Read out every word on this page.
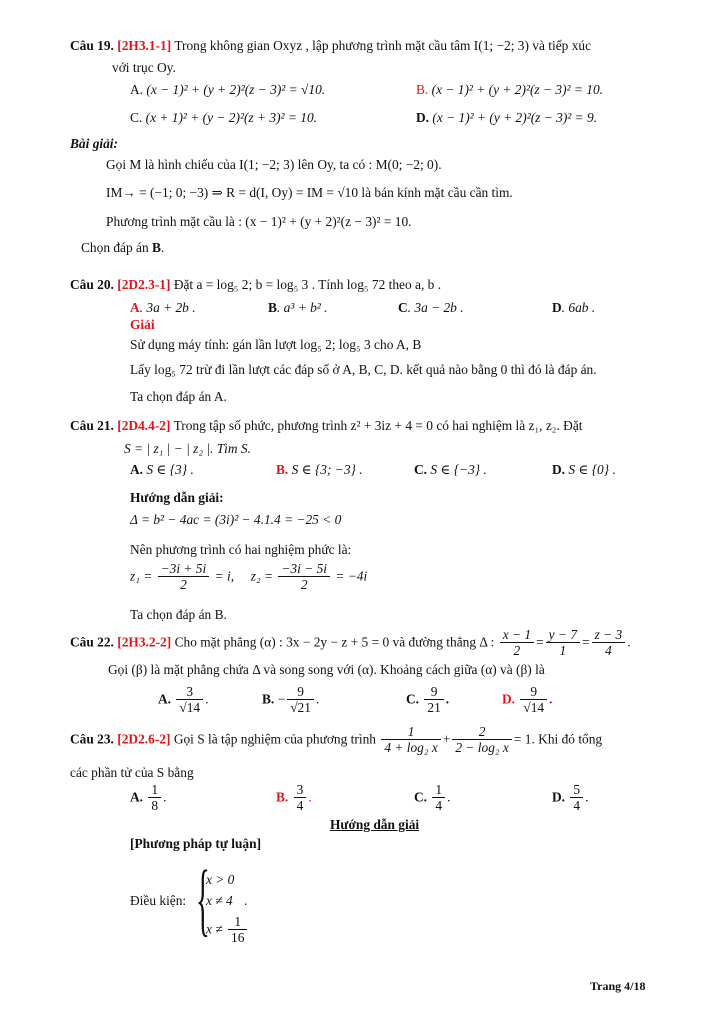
Câu 19. [2H3.1-1] Trong không gian Oxyz , lập phương trình mặt cầu tâm I(1; −2; 3) và tiếp xúc
với trục Oy.
A. (x − 1)² + (y + 2)²(z − 3)² = √10.	B. (x − 1)² + (y + 2)²(z − 3)² = 10.
C. (x + 1)² + (y − 2)²(z + 3)² = 10.	D. (x − 1)² + (y + 2)²(z − 3)² = 9.
Bài giải:
Gọi M là hình chiếu của I(1; −2; 3) lên Oy, ta có : M(0; −2; 0).
IM→ = (−1; 0; −3) ⇒ R = d(I, Oy) = IM = √10 là bán kính mặt cầu cần tìm.
Phương trình mặt cầu là : (x − 1)² + (y + 2)²(z − 3)² = 10.
Chọn đáp án B.
Câu 20. [2D2.3-1] Đặt a = log₅ 2; b = log₅ 3 . Tính log₅ 72 theo a, b .
A. 3a + 2b .	B. a³ + b² .	C. 3a − 2b .	D. 6ab .
Giải
Sử dụng máy tính: gán lần lượt log₅ 2; log₅ 3 cho A, B
Lấy log₅ 72 trừ đi lần lượt các đáp số ở A, B, C, D. kết quả nào bằng 0 thì đó là đáp án.
Ta chọn đáp án A.
Câu 21. [2D4.4-2] Trong tập số phức, phương trình z² + 3iz + 4 = 0 có hai nghiệm là z₁, z₂. Đặt
S = | z₁ | − | z₂ |. Tìm S.
A. S ∈ {3} .	B. S ∈ {3; −3} .	C. S ∈ {−3} .	D. S ∈ {0} .
Hướng dẫn giải:
Δ = b² − 4ac = (3i)² − 4.1.4 = −25 < 0
Nên phương trình có hai nghiệm phức là:
$z_1 = \frac{-3i + 5i}{2} = i$, $z_2 = \frac{-3i - 5i}{2} = -4i$
Ta chọn đáp án B.
Câu 22. [2H3.2-2] Cho mặt phẳng (α) : 3x − 2y − z + 5 = 0 và đường thẳng Δ : $\frac{x - 1}{2} = \frac{y - 7}{1} = \frac{z - 3}{4}$ .
Gọi (β) là mặt phẳng chứa Δ và song song với (α). Khoảng cách giữa (α) và (β) là
A. $\frac{3}{√14}$ .	B. − $\frac{9}{√21}$ .	C. $\frac{9}{21}$ .	D. $\frac{9}{√14}$ .
Câu 23. [2D2.6-2] Gọi S là tập nghiệm của phương trình $\frac{1}{\text{4 + log₂ x}} + \frac{2}{\text{2 − log₂ x}} = 1$. Khi đó tổng
các phần tử của S bằng
A. $\frac{1}{8}$ .	B. $\frac{3}{4}$ .	C. $\frac{1}{4}$ .	D. $\frac{5}{4}$ .
Hướng dẫn giải
[Phương pháp tự luận]
Điều kiện: {
x > 0
x ≠ 4 .
$x \ne \frac{1}{16}$
Trang 4/18
